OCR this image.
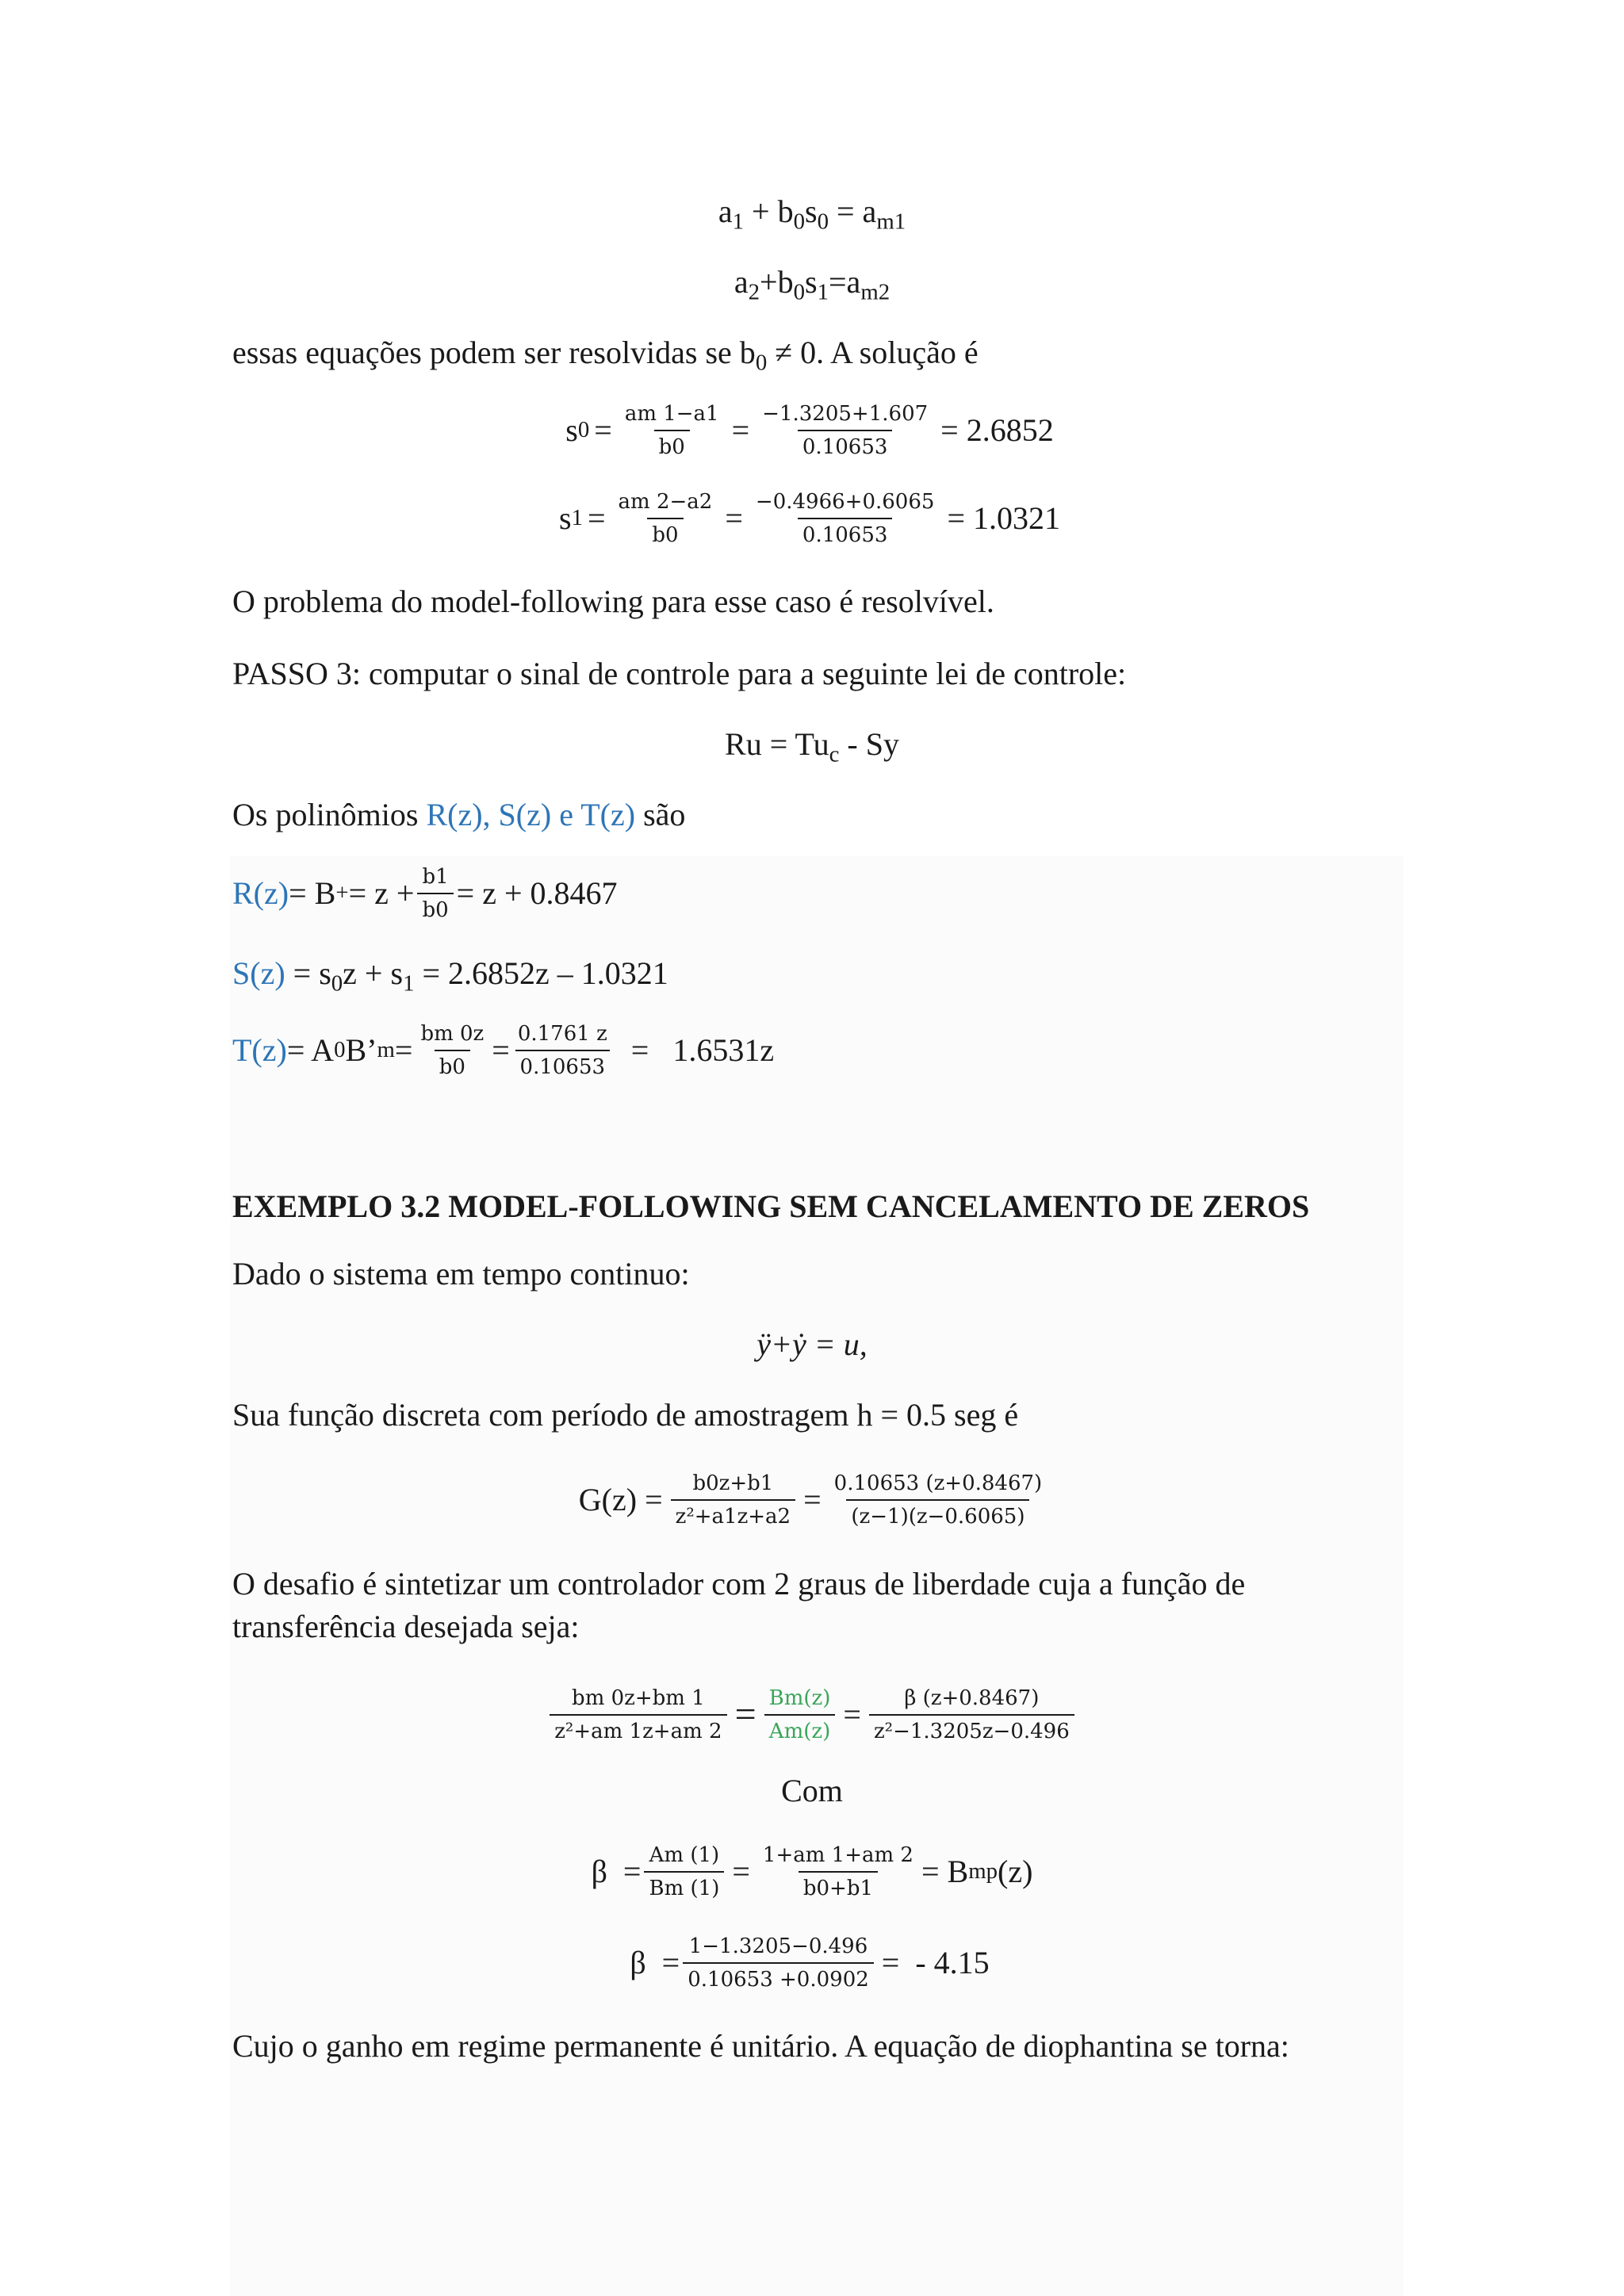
$a_1 + b_0s_0 = a_{m1}$
$a_2+b_0s_1=a_{m2}$
essas equações podem ser resolvidas se $b_0 \ne 0$. A solução é
s $0 = \frac{am 1-a1}{b0} = \frac{-1.3205+1.607}{0.10653} = 2.6852$
s $1 = \frac{am 2-a2}{b0} = \frac{-0.4966+0.6065}{0.10653} = 1.0321$
O problema do model-following para esse caso é resolvível.
PASSO 3: computar o sinal de controle para a seguinte lei de controle:
$Ru = Tu_c - Sy$
Os polinômios R(z), S(z) e T(z) são
R(z) = B + = $z + \frac{b1}{b0} = z + 0.8467$
$S(z) = s_0z + s_1 = 2.6852z - 1.0321$
T(z) = A 0 B’ $m = \frac{bm 0z}{b0} = \frac{0.1761 z}{0.10653} = 1.6531z$
EXEMPLO 3.2 MODEL-FOLLOWING SEM CANCELAMENTO DE ZEROS
Dado o sistema em tempo continuo:
ÿ+ẏ = u,
Sua função discreta com período de amostragem h = 0.5 seg é
$G(z) = \frac{b0z+b1}{\text{z²+a1z+a2}} = \frac{0.10653 (z+0.8467)}{(z-1)(z-0.6065)}$
O desafio é sintetizar um controlador com 2 graus de liberdade cuja a função de
transferência desejada seja:
$\frac{bm 0z+bm 1}{\text{z²+am 1z+am 2}} = \frac{Bm(z)}{Am(z)} = \frac{\beta (z+0.8467)}{\text{z²−1.3205z−0.496}}$
Com
$\beta = \frac{Am (1)}{Bm (1)} = \frac{1+am 1+am 2}{b0+b1} = B$ mp (z)
$\beta = \frac{1-1.3205-0.496}{0.10653 +0.0902}$ =  - 4.15
Cujo o ganho em regime permanente é unitário. A equação de diophantina se torna:
